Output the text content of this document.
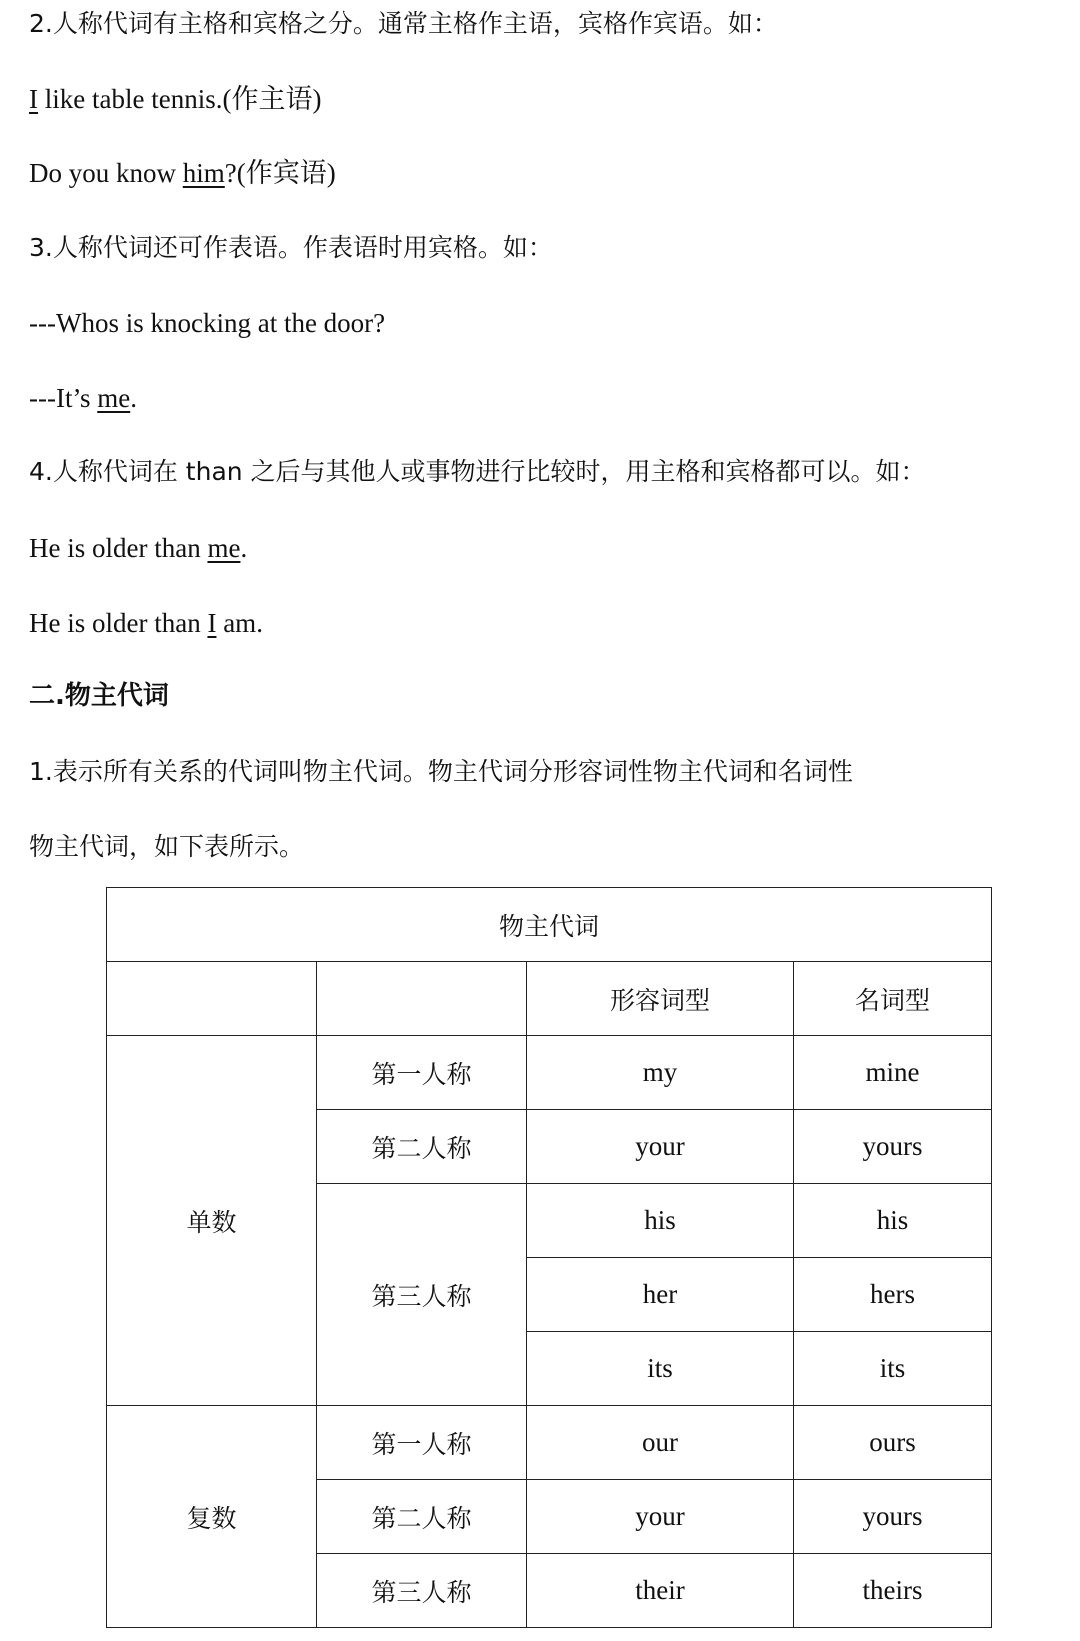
2.人称代词有主格和宾格之分。通常主格作主语，宾格作宾语。如：
I like table tennis.(作主语)
Do you know him?(作宾语)
3.人称代词还可作表语。作表语时用宾格。如：
---Whos is knocking at the door?
---It’s me.
4.人称代词在 than 之后与其他人或事物进行比较时，用主格和宾格都可以。如：
He is older than me.
He is older than I am.
二.物主代词
1.表示所有关系的代词叫物主代词。物主代词分形容词性物主代词和名词性
物主代词，如下表所示。
物主代词			
		形容词型	名词型
单数	第一人称	my	mine
	第二人称	your	yours
	第三人称	his	his
		her	hers
		its	its
复数	第一人称	our	ours
	第二人称	your	yours
	第三人称	their	theirs
